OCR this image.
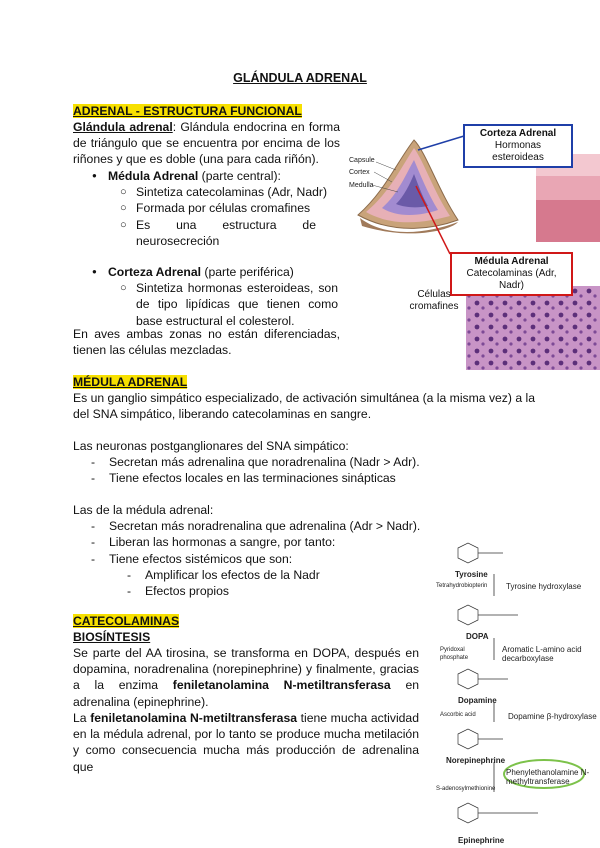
GLÁNDULA ADRENAL
ADRENAL - ESTRUCTURA FUNCIONAL
Glándula adrenal: Glándula endocrina en forma de triángulo que se encuentra por encima de los riñones y que es doble (una para cada riñón).
● Médula Adrenal (parte central):
○ Sintetiza catecolaminas (Adr, Nadr)
○ Formada por células cromafines
○ Es una estructura de neurosecreción
● Corteza Adrenal (parte periférica)
○ Sintetiza hormonas esteroideas, son de tipo lipídicas que tienen como base estructural el colesterol.
En aves ambas zonas no están diferenciadas, tienen las células mezcladas.
Capsule
Cortex
Medulla
Corteza Adrenal
Hormonas esteroideas
Médula Adrenal
Catecolaminas (Adr, Nadr)
Células cromafines
MÉDULA ADRENAL
Es un ganglio simpático especializado, de activación simultánea (a la misma vez) a la del SNA simpático, liberando catecolaminas en sangre.
Las neuronas postganglionares del SNA simpático:
- Secretan más adrenalina que noradrenalina (Nadr > Adr).
- Tiene efectos locales en las terminaciones sinápticas
Las de la médula adrenal:
- Secretan más noradrenalina que adrenalina (Adr > Nadr).
- Liberan las hormonas a sangre, por tanto:
- Tiene efectos sistémicos que son:
- Amplificar los efectos de la Nadr
- Efectos propios
CATECOLAMINAS
BIOSÍNTESIS
Se parte del AA tirosina, se transforma en DOPA, después en dopamina, noradrenalina (norepinephrine) y finalmente, gracias a la enzima feniletanolamina N-metiltransferasa en adrenalina (epinephrine).
La feniletanolamina N-metiltransferasa tiene mucha actividad en la médula adrenal, por lo tanto se produce mucha metilación y como consecuencia mucha más producción de adrenalina que
Tyrosine
DOPA
Dopamine
Norepinephrine
Epinephrine
Tyrosine hydroxylase
Aromatic L-amino acid decarboxylase
Dopamine β-hydroxylase
Phenylethanolamine N-methyltransferase
Tetrahydrobiopterin
Pyridoxal phosphate
Ascorbic acid
S-adenosylmethionine
